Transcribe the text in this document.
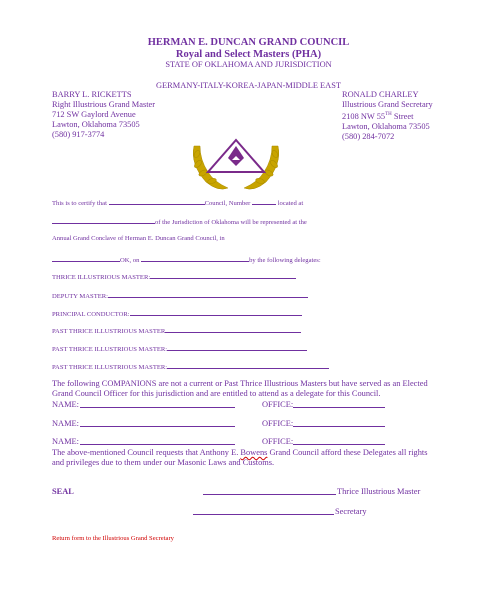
HERMAN E. DUNCAN GRAND COUNCIL
Royal and Select Masters (PHA)
STATE OF OKLAHOMA AND JURISDICTION
GERMANY-ITALY-KOREA-JAPAN-MIDDLE EAST
BARRY L. RICKETTS
Right Illustrious Grand Master
712 SW Gaylord Avenue
Lawton, Oklahoma 73505
(580) 917-3774
RONALD CHARLEY
Illustrious Grand Secretary
2108 NW 55TH Street
Lawton, Oklahoma 73505
(580) 284-7072
This is to certify that	Council, Number	located at
of the Jurisdiction of Oklahoma will be represented at the
Annual Grand Conclave of Herman E. Duncan Grand Council, in
OK, on	by the following delegates:
THRICE ILLUSTRIOUS MASTER:
DEPUTY MASTER:
PRINCIPAL CONDUCTOR:
PAST THRICE ILLUSTRIOUS MASTER
PAST THRICE ILLUSTRIOUS MASTER:
PAST THRICE ILLUSTRIOUS MASTER:
The following COMPANIONS are not a current or Past Thrice Illustrious Masters but have served as an Elected
Grand Council Officer for this jurisdiction and are entitled to attend as a delegate for this Council.
NAME:	OFFICE:
NAME:	OFFICE:
NAME:	OFFICE:
The above-mentioned Council requests that Anthony E. Bowens Grand Council afford these Delegates all rights
and privileges due to them under our Masonic Laws and Customs.
SEAL	Thrice Illustrious Master
Secretary
Return form to the Illustrious Grand Secretary
